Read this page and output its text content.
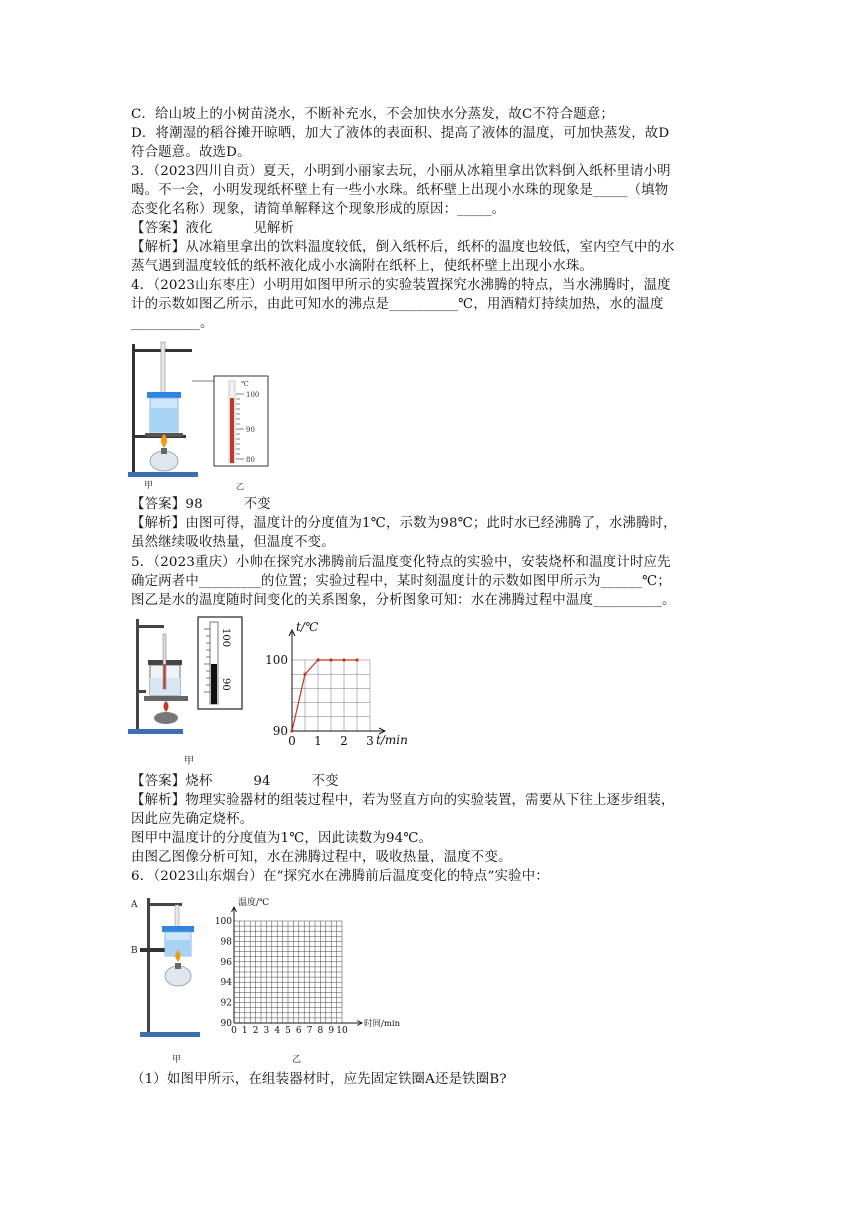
C．给山坡上的小树苗浇水，不断补充水，不会加快水分蒸发，故C不符合题意；
D．将潮湿的稻谷摊开晾晒，加大了液体的表面积、提高了液体的温度，可加快蒸发，故D
符合题意。故选D。
3．（2023四川自贡）夏天，小明到小丽家去玩，小丽从冰箱里拿出饮料倒入纸杯里请小明
喝。不一会，小明发现纸杯壁上有一些小水珠。纸杯壁上出现小水珠的现象是_____（填物
态变化名称）现象，请简单解释这个现象形成的原因：_____。
【答案】液化　　　见解析
【解析】从冰箱里拿出的饮料温度较低，倒入纸杯后，纸杯的温度也较低，室内空气中的水
蒸气遇到温度较低的纸杯液化成小水滴附在纸杯上，使纸杯壁上出现小水珠。
4．（2023山东枣庄）小明用如图甲所示的实验装置探究水沸腾的特点，当水沸腾时，温度
计的示数如图乙所示，由此可知水的沸点是__________℃，用酒精灯持续加热，水的温度
__________。
【答案】98　　　不变
【解析】由图可得，温度计的分度值为1℃，示数为98℃；此时水已经沸腾了，水沸腾时，
虽然继续吸收热量，但温度不变。
5．（2023重庆）小帅在探究水沸腾前后温度变化特点的实验中，安装烧杯和温度计时应先
确定两者中_________的位置；实验过程中，某时刻温度计的示数如图甲所示为______℃；
图乙是水的温度随时间变化的关系图象，分析图象可知：水在沸腾过程中温度__________。
【答案】烧杯　　　94　　　不变
【解析】物理实验器材的组装过程中，若为竖直方向的实验装置，需要从下往上逐步组装，
因此应先确定烧杯。
图甲中温度计的分度值为1℃，因此读数为94℃。
由图乙图像分析可知，水在沸腾过程中，吸收热量，温度不变。
6．（2023山东烟台）在“探究水在沸腾前后温度变化的特点”实验中：
（1）如图甲所示，在组装器材时，应先固定铁圈A还是铁圈B?
℃
100
90
80
乙
甲
100
90
甲
t/℃
t/min
90
100
0 1 2 3
A
B
甲
温度/℃
时间/min
90
92
94
96
98
100
0 1 2 3 4 5 6 7 8 9 10
乙
